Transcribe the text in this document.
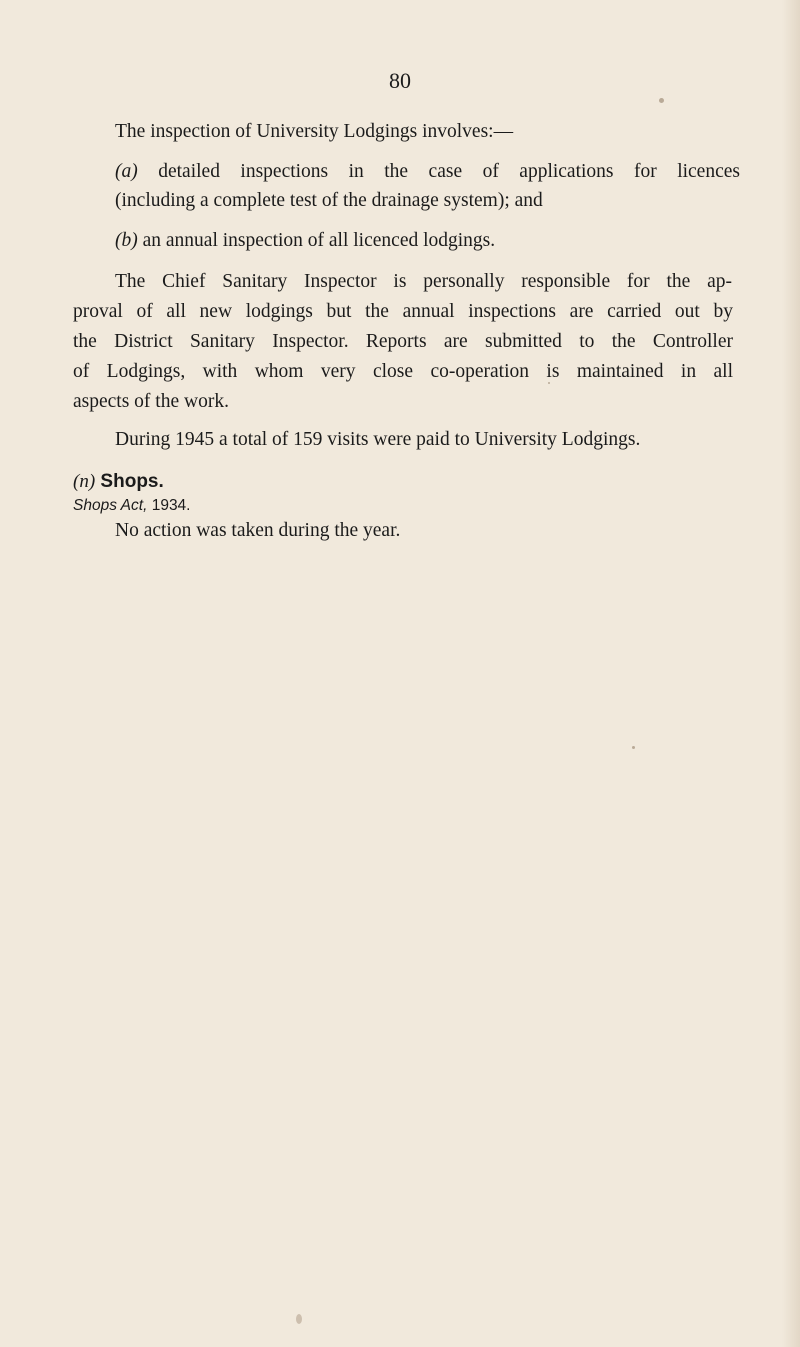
80
The inspection of University Lodgings involves:—
(a) detailed inspections in the case of applications for licences
(including a complete test of the drainage system); and
(b) an annual inspection of all licenced lodgings.
The Chief Sanitary Inspector is personally responsible for the ap-
proval of all new lodgings but the annual inspections are carried out by
the District Sanitary Inspector. Reports are submitted to the Controller
of Lodgings, with whom very close co-operation is maintained in all
aspects of the work.
During 1945 a total of 159 visits were paid to University Lodgings.
(n) Shops.
Shops Act, 1934.
No action was taken during the year.
